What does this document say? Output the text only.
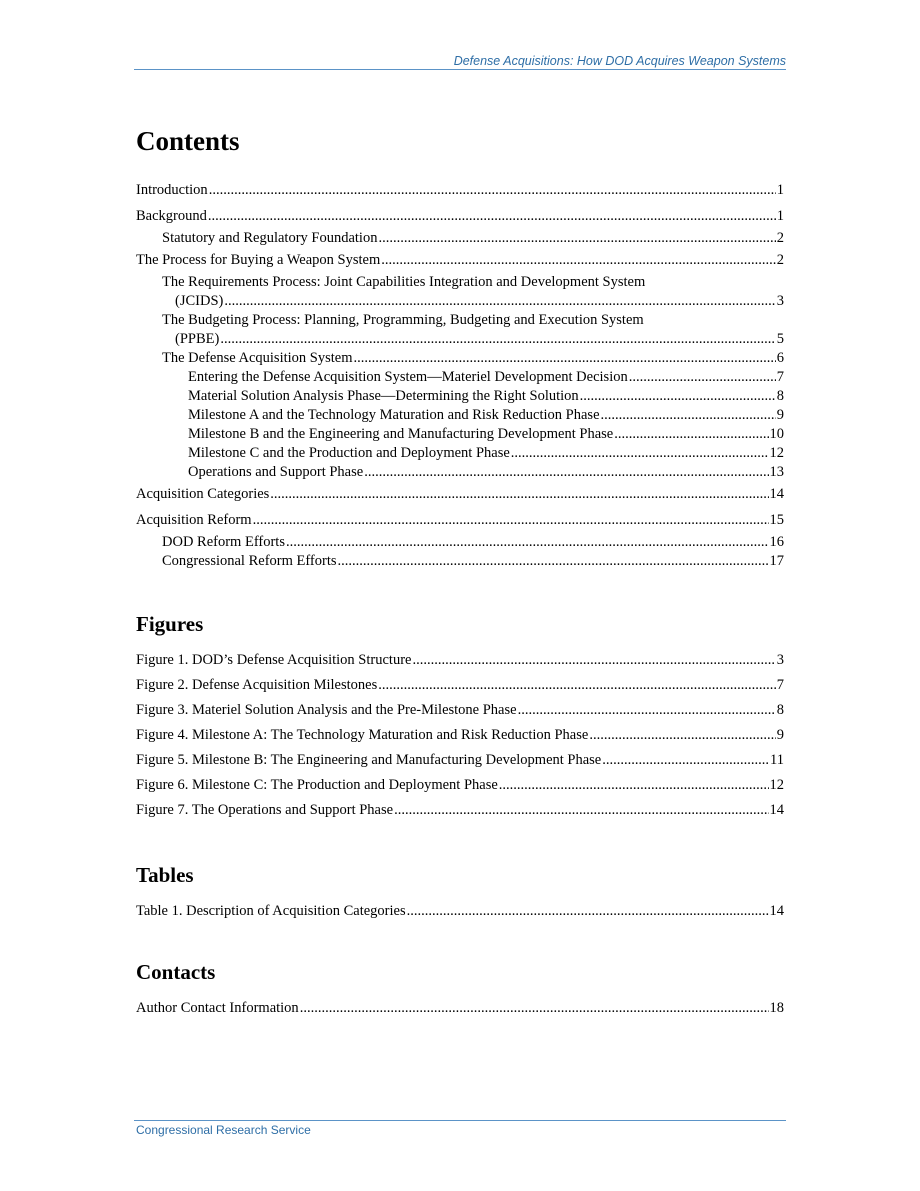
Defense Acquisitions: How DOD Acquires Weapon Systems
Contents
Introduction .....	1
Background .....	1
Statutory and Regulatory Foundation .....	2
The Process for Buying a Weapon System .....	2
The Requirements Process: Joint Capabilities Integration and Development System
(JCIDS) .....	3
The Budgeting Process: Planning, Programming, Budgeting and Execution System
(PPBE) .....	5
The Defense Acquisition System .....	6
Entering the Defense Acquisition System—Materiel Development Decision .....	7
Material Solution Analysis Phase—Determining the Right Solution .....	8
Milestone A and the Technology Maturation and Risk Reduction Phase .....	9
Milestone B and the Engineering and Manufacturing Development Phase .....	10
Milestone C and the Production and Deployment Phase .....	12
Operations and Support Phase .....	13
Acquisition Categories .....	14
Acquisition Reform .....	15
DOD Reform Efforts .....	16
Congressional Reform Efforts .....	17
Figures
Figure 1. DOD’s Defense Acquisition Structure .....	3
Figure 2. Defense Acquisition Milestones .....	7
Figure 3. Materiel Solution Analysis and the Pre-Milestone Phase .....	8
Figure 4. Milestone A: The Technology Maturation and Risk Reduction Phase .....	9
Figure 5. Milestone B: The Engineering and Manufacturing Development Phase .....	11
Figure 6. Milestone C: The Production and Deployment Phase .....	12
Figure 7. The Operations and Support Phase .....	14
Tables
Table 1. Description of Acquisition Categories .....	14
Contacts
Author Contact Information .....	18
Congressional Research Service
